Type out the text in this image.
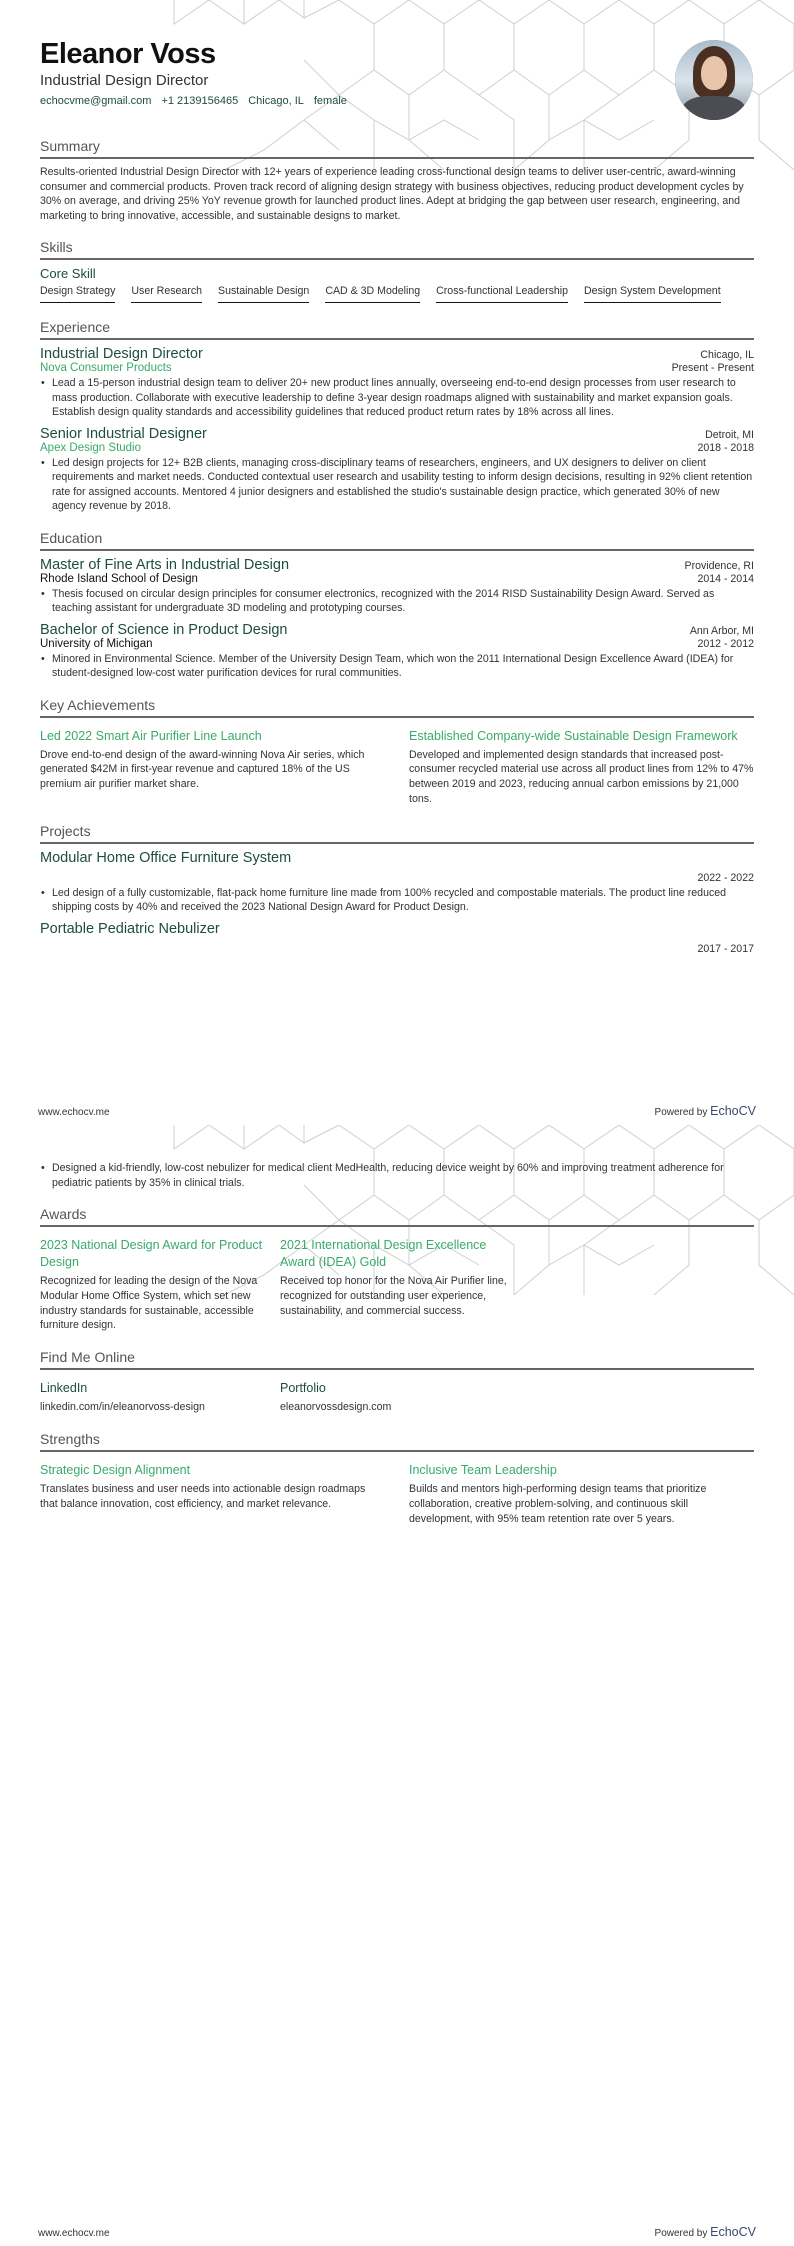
Eleanor Voss
Industrial Design Director
echocvme@gmail.com +1 2139156465 Chicago, IL female
Summary
Results-oriented Industrial Design Director with 12+ years of experience leading cross-functional design teams to deliver user-centric, award-winning consumer and commercial products. Proven track record of aligning design strategy with business objectives, reducing product development cycles by 30% on average, and driving 25% YoY revenue growth for launched product lines. Adept at bridging the gap between user research, engineering, and marketing to bring innovative, accessible, and sustainable designs to market.
Skills
Core Skill
Design Strategy User Research Sustainable Design CAD & 3D Modeling Cross-functional Leadership Design System Development
Experience
Industrial Design Director	Chicago, IL
Nova Consumer Products	Present - Present
• Lead a 15-person industrial design team to deliver 20+ new product lines annually, overseeing end-to-end design processes from user research to mass production. Collaborate with executive leadership to define 3-year design roadmaps aligned with sustainability and market expansion goals. Establish design quality standards and accessibility guidelines that reduced product return rates by 18% across all lines.
Senior Industrial Designer	Detroit, MI
Apex Design Studio	2018 - 2018
• Led design projects for 12+ B2B clients, managing cross-disciplinary teams of researchers, engineers, and UX designers to deliver on client requirements and market needs. Conducted contextual user research and usability testing to inform design decisions, resulting in 92% client retention rate for assigned accounts. Mentored 4 junior designers and established the studio's sustainable design practice, which generated 30% of new agency revenue by 2018.
Education
Master of Fine Arts in Industrial Design	Providence, RI
Rhode Island School of Design	2014 - 2014
• Thesis focused on circular design principles for consumer electronics, recognized with the 2014 RISD Sustainability Design Award. Served as teaching assistant for undergraduate 3D modeling and prototyping courses.
Bachelor of Science in Product Design	Ann Arbor, MI
University of Michigan	2012 - 2012
• Minored in Environmental Science. Member of the University Design Team, which won the 2011 International Design Excellence Award (IDEA) for student-designed low-cost water purification devices for rural communities.
Key Achievements
Led 2022 Smart Air Purifier Line Launch
Drove end-to-end design of the award-winning Nova Air series, which generated $42M in first-year revenue and captured 18% of the US premium air purifier market share.
Established Company-wide Sustainable Design Framework
Developed and implemented design standards that increased post-consumer recycled material use across all product lines from 12% to 47% between 2019 and 2023, reducing annual carbon emissions by 21,000 tons.
Projects
Modular Home Office Furniture System
2022 - 2022
• Led design of a fully customizable, flat-pack home furniture line made from 100% recycled and compostable materials. The product line reduced shipping costs by 40% and received the 2023 National Design Award for Product Design.
Portable Pediatric Nebulizer
2017 - 2017
www.echocv.me	Powered by EchoCV
• Designed a kid-friendly, low-cost nebulizer for medical client MedHealth, reducing device weight by 60% and improving treatment adherence for pediatric patients by 35% in clinical trials.
Awards
2023 National Design Award for Product Design
Recognized for leading the design of the Nova Modular Home Office System, which set new industry standards for sustainable, accessible furniture design.
2021 International Design Excellence Award (IDEA) Gold
Received top honor for the Nova Air Purifier line, recognized for outstanding user experience, sustainability, and commercial success.
Find Me Online
LinkedIn
linkedin.com/in/eleanorvoss-design
Portfolio
eleanorvossdesign.com
Strengths
Strategic Design Alignment
Translates business and user needs into actionable design roadmaps that balance innovation, cost efficiency, and market relevance.
Inclusive Team Leadership
Builds and mentors high-performing design teams that prioritize collaboration, creative problem-solving, and continuous skill development, with 95% team retention rate over 5 years.
www.echocv.me	Powered by EchoCV
